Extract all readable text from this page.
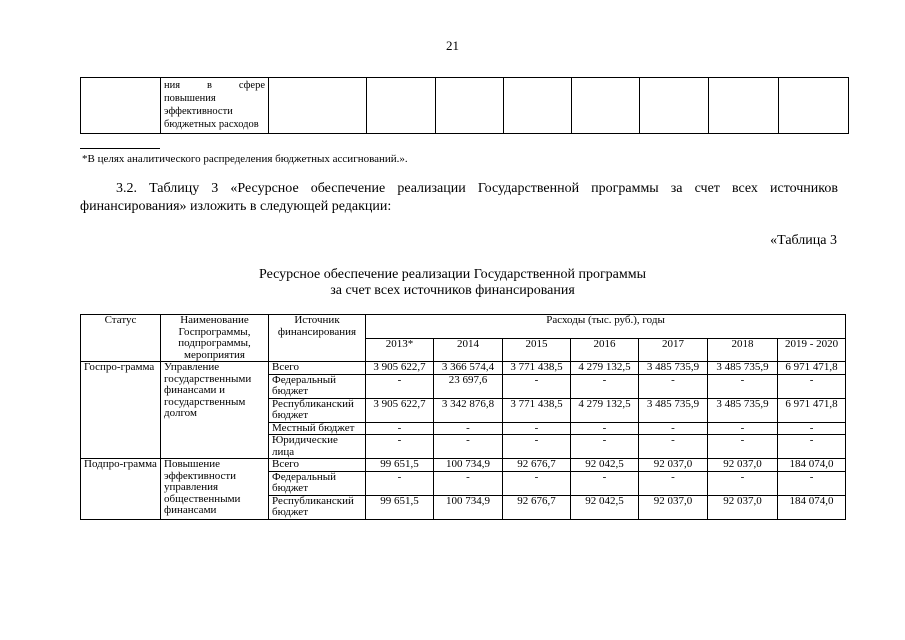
21
	ния в сфере повышения эффективности бюджетных расходов								
*В целях аналитического распределения бюджетных ассигнований.».
3.2. Таблицу 3 «Ресурсное обеспечение реализации Государственной программы за счет всех источников финансирования» изложить в следующей редакции:
«Таблица 3
Ресурсное обеспечение реализации Государственной программы
за счет всех источников финансирования
Статус	Наименование Госпрограммы, подпрограммы, мероприятия	Источник финансирования	Расходы (тыс. руб.), годы						
			2013*	2014	2015	2016	2017	2018	2019 - 2020
Госпро-грамма	Управление государственными финансами и государственным долгом	Всего	3 905 622,7	3 366 574,4	3 771 438,5	4 279 132,5	3 485 735,9	3 485 735,9	6 971 471,8
		Федеральный бюджет	-	23 697,6	-	-	-	-	-
		Республиканский бюджет	3 905 622,7	3 342 876,8	3 771 438,5	4 279 132,5	3 485 735,9	3 485 735,9	6 971 471,8
		Местный бюджет	-	-	-	-	-	-	-
		Юридические лица	-	-	-	-	-	-	-
Подпро-грамма	Повышение эффективности управления общественными финансами	Всего	99 651,5	100 734,9	92 676,7	92 042,5	92 037,0	92 037,0	184 074,0
		Федеральный бюджет	-	-	-	-	-	-	-
		Республиканский бюджет	99 651,5	100 734,9	92 676,7	92 042,5	92 037,0	92 037,0	184 074,0
